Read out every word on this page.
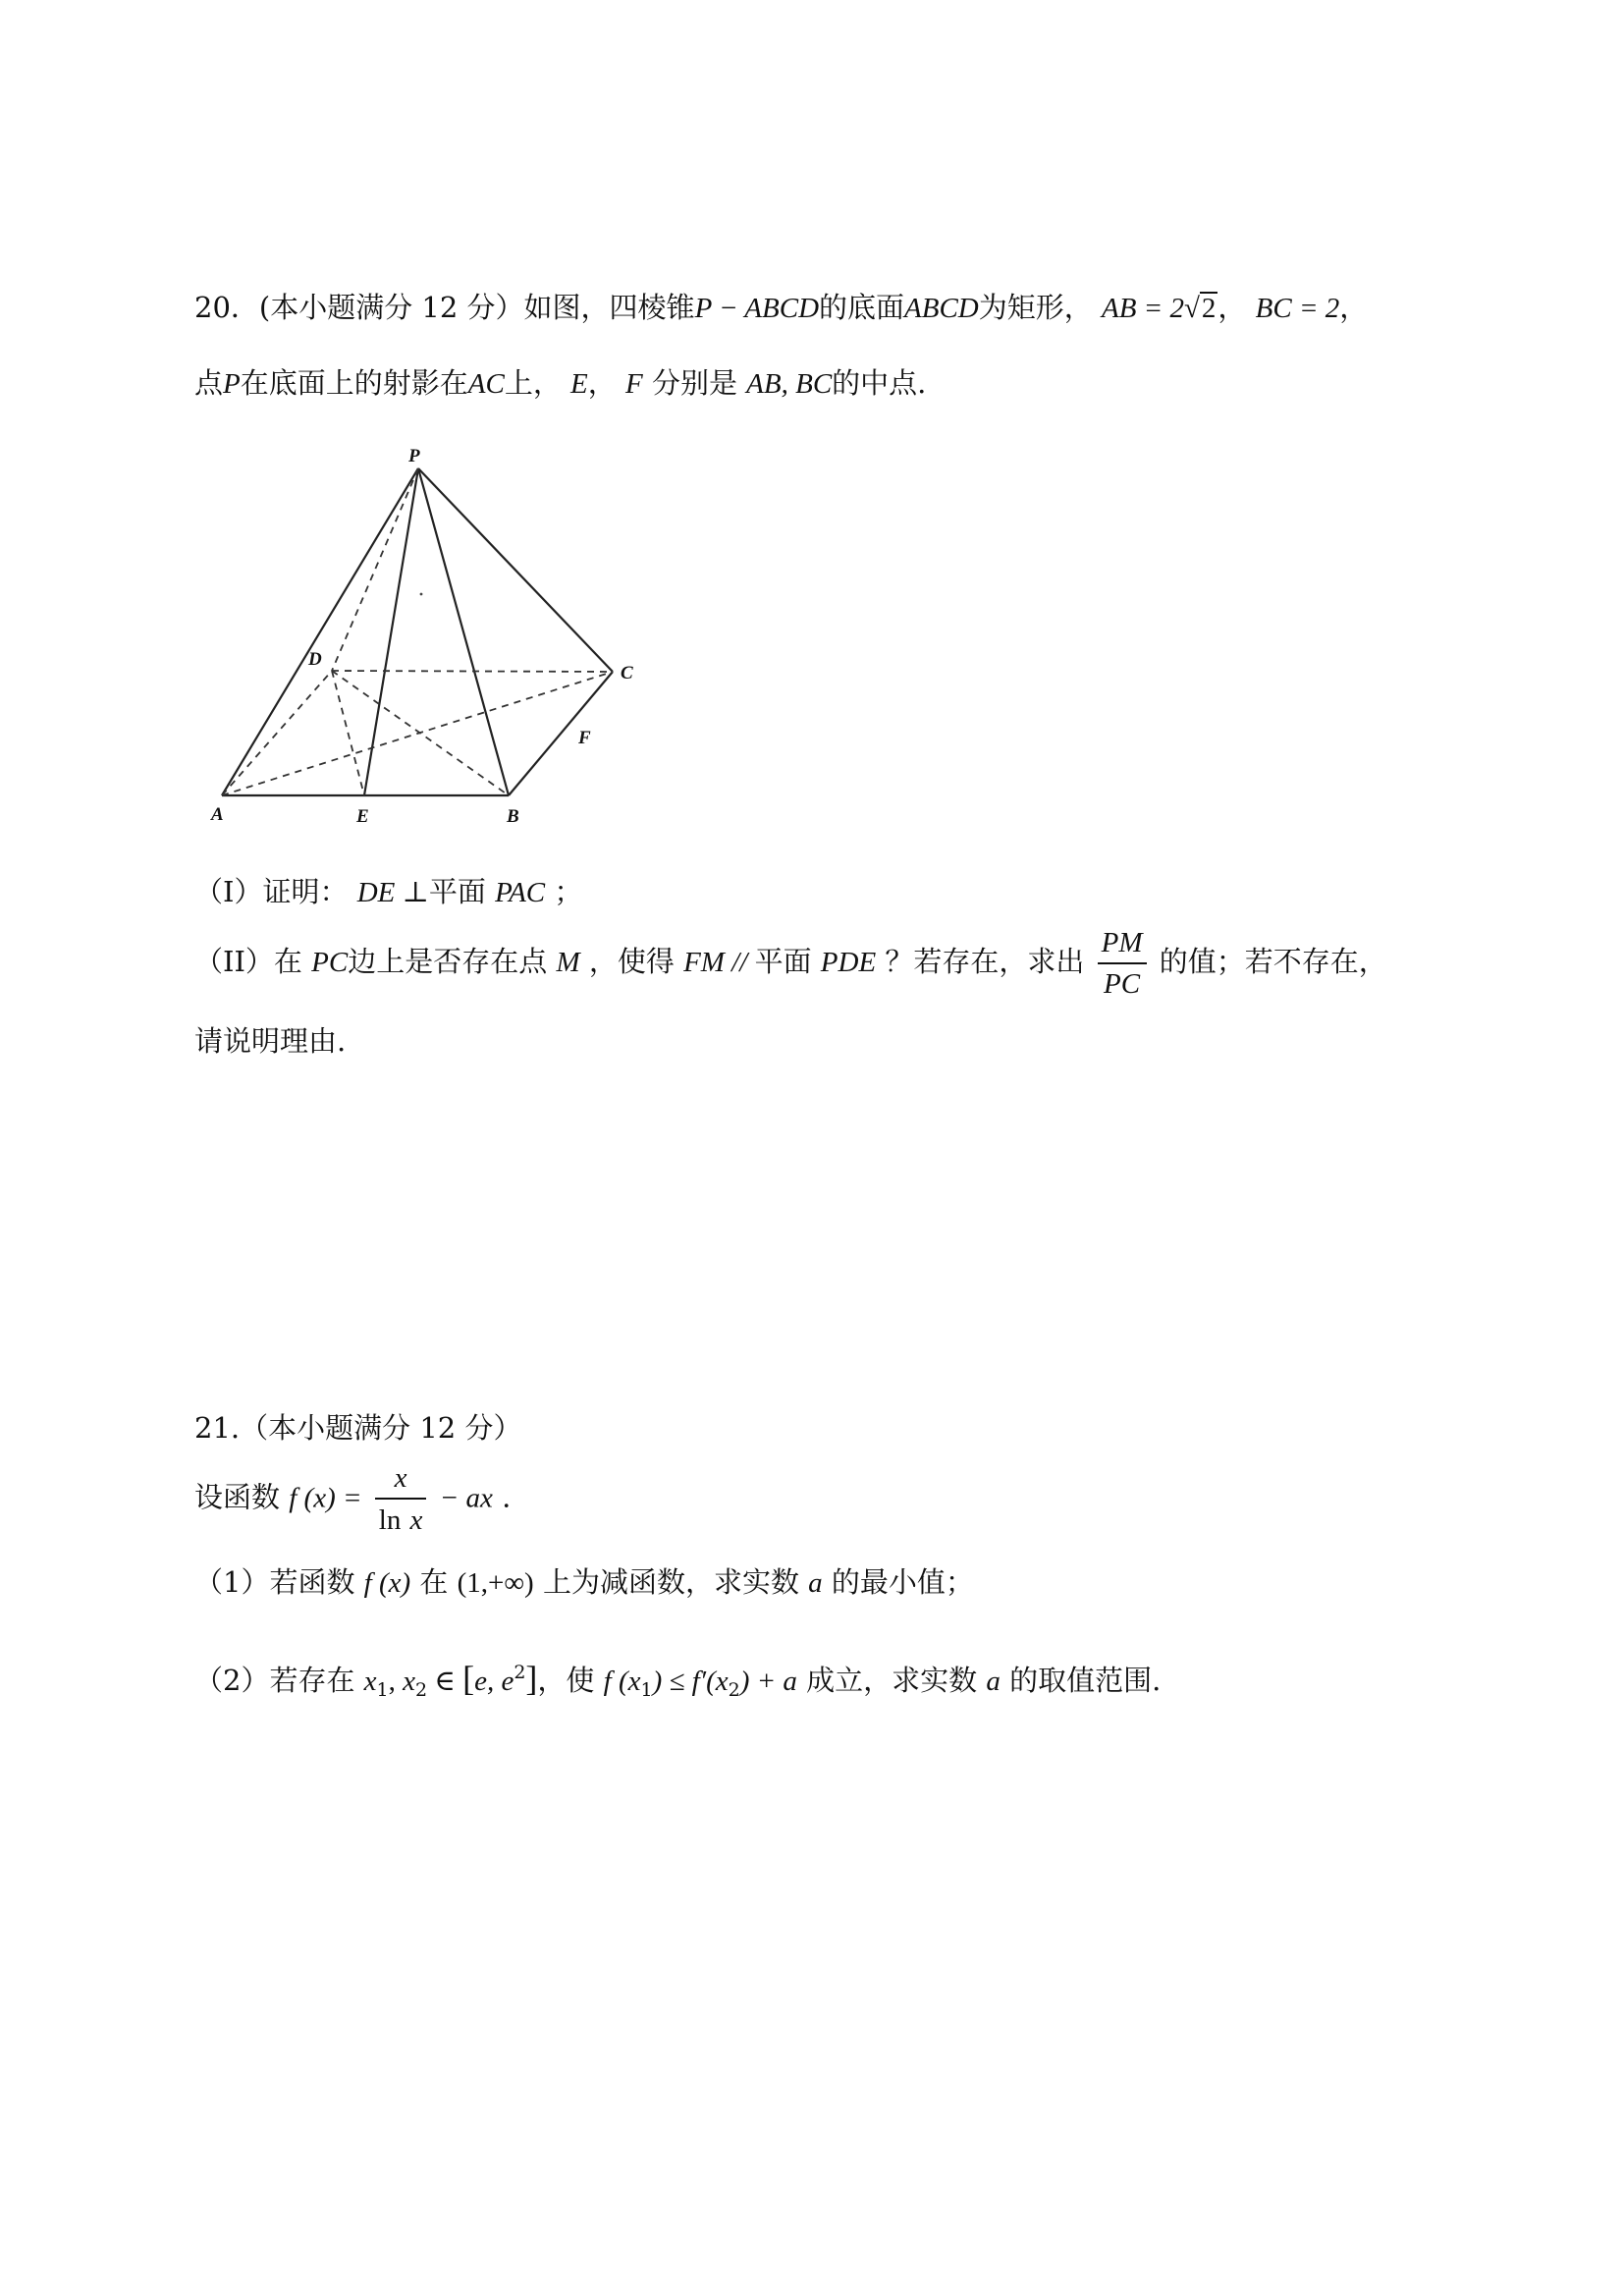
20．(本小题满分 12 分）如图，四棱锥P − ABCD的底面ABCD为矩形， AB = 2√2， BC = 2，
点P在底面上的射影在AC上， E， F 分别是 AB, BC的中点.
P
D
C
F
A	E	B
（I）证明： DE ⊥平面 PAC ；
（II）在 PC边上是否存在点 M ，使得 FM // 平面 PDE ？若存在，求出 $\frac{PM}{PC}$ 的值；若不存在，
请说明理由.
21.（本小题满分 12 分）
设函数 f $(x) = \frac{x}{\text{ln x}}$ − ax .
（1）若函数 f (x) 在 (1,+∞) 上为减函数，求实数 a 的最小值；
（2）若存在 $x_1$, $x_2$ ∈ [e, $e^2$]，使 f $(x_1) \le f'(x_2) + a$ 成立，求实数 a 的取值范围.
